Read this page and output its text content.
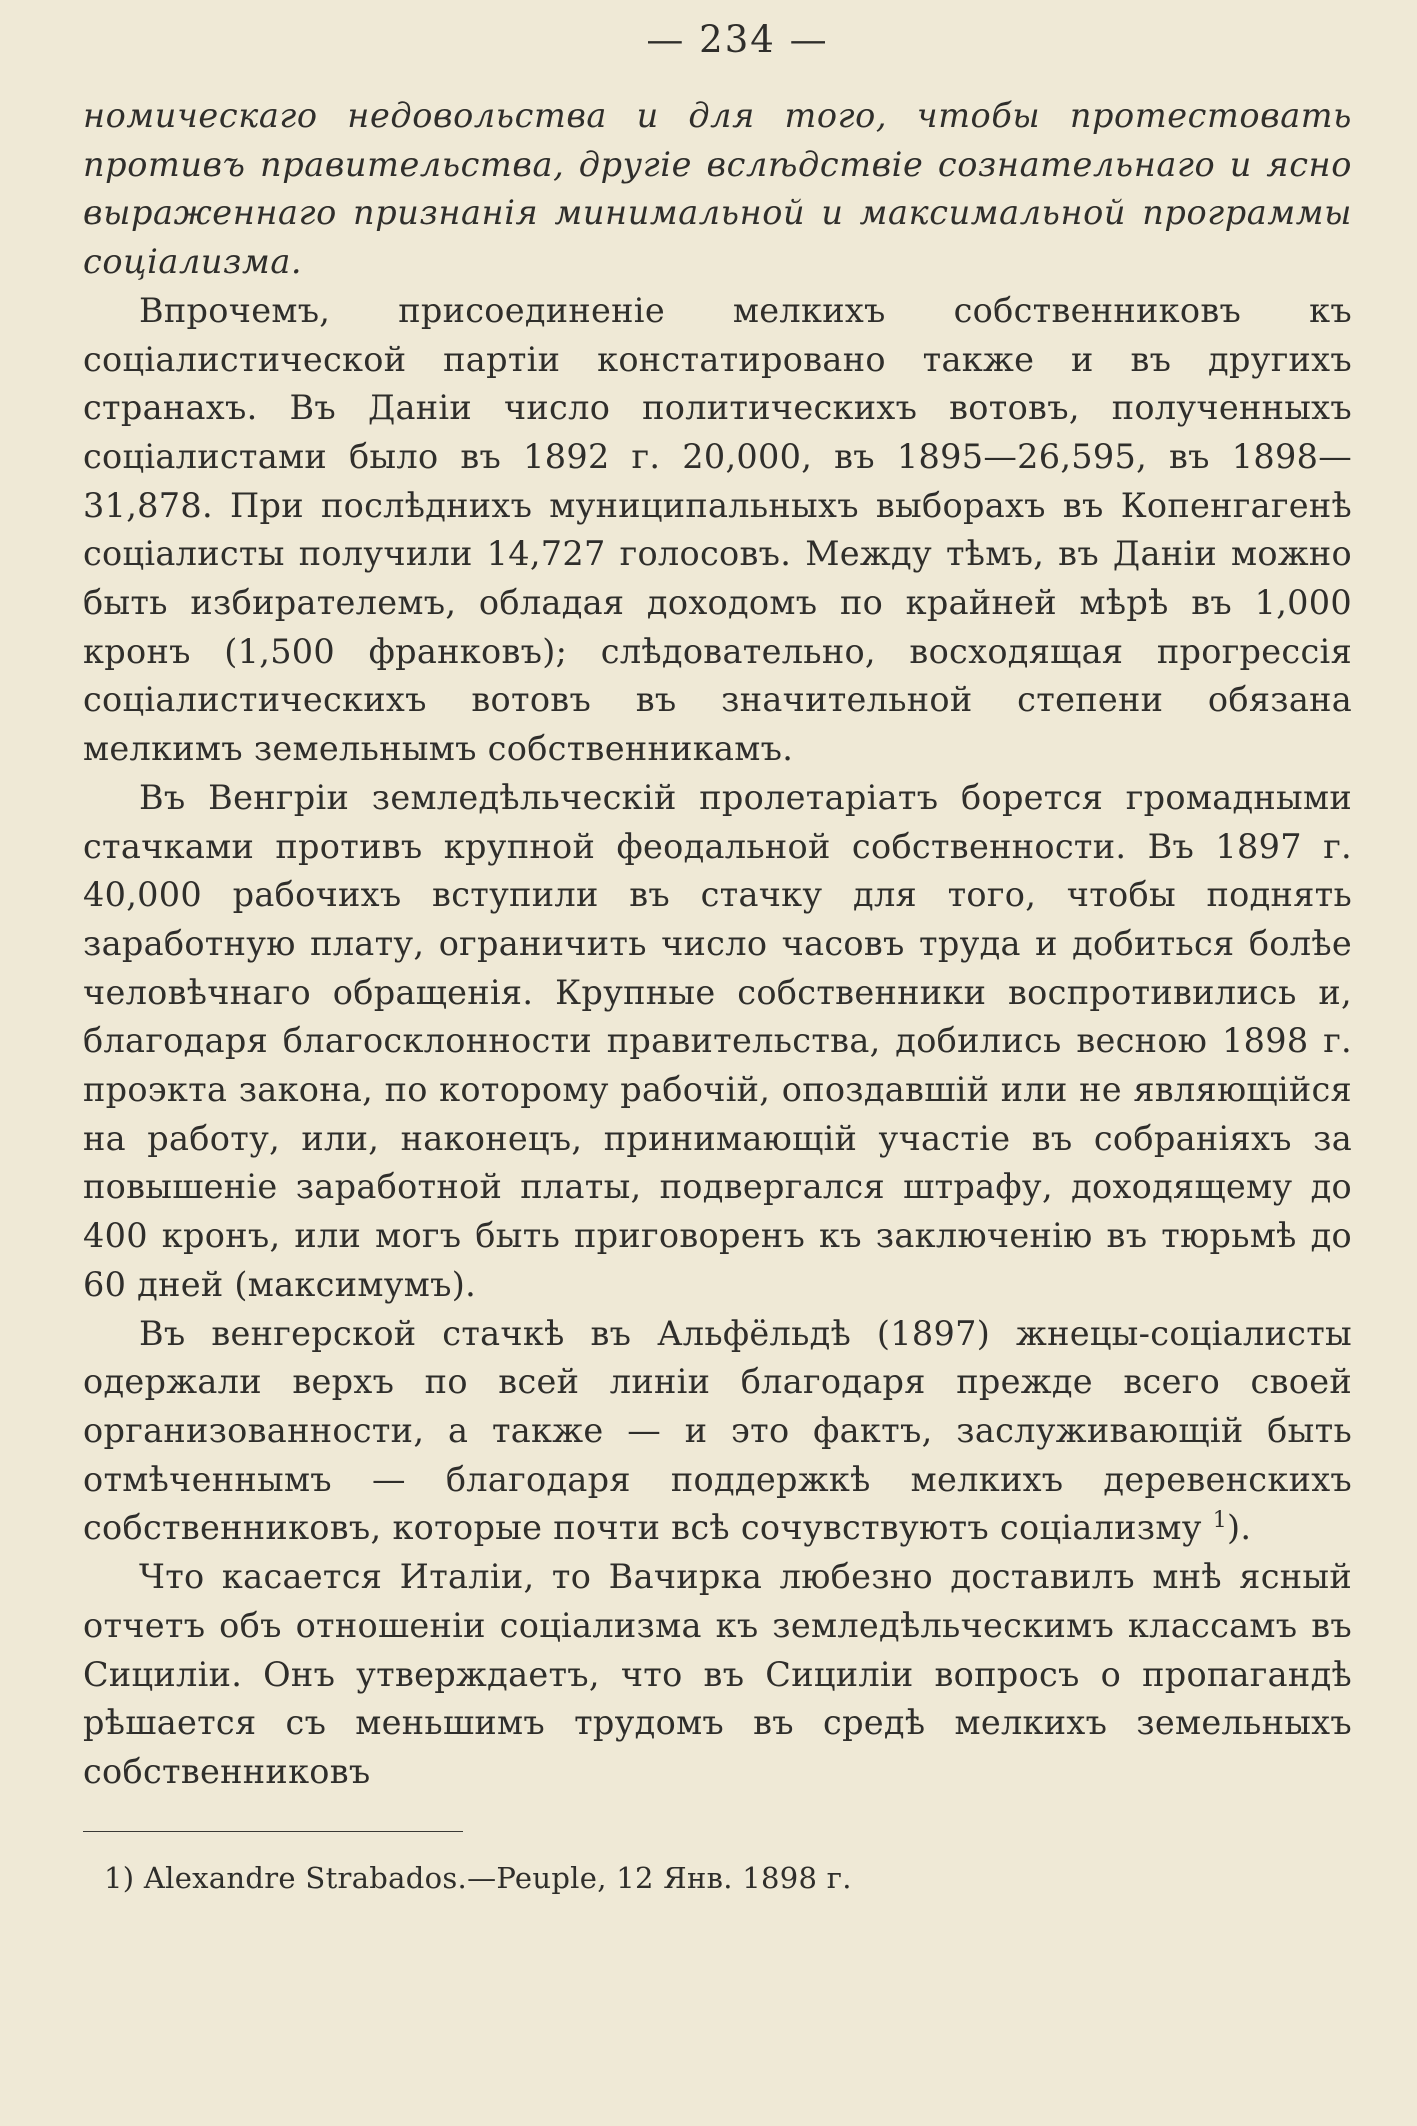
— 234 —

номическаго недовольства и для того, чтобы протестовать противъ правительства, другіе вслѣдствіе сознательнаго и ясно выраженнаго признанія минимальной и максимальной программы соціализма.

Впрочемъ, присоединеніе мелкихъ собственниковъ къ соціалистической партіи констатировано также и въ другихъ странахъ. Въ Даніи число политическихъ вотовъ, полученныхъ соціалистами было въ 1892 г. 20,000, въ 1895—26,595, въ 1898—31,878. При послѣднихъ муниципальныхъ выборахъ въ Копенгагенѣ соціалисты получили 14,727 голосовъ. Между тѣмъ, въ Даніи можно быть избирателемъ, обладая доходомъ по крайней мѣрѣ въ 1,000 кронъ (1,500 франковъ); слѣдовательно, восходящая прогрессія соціалистическихъ вотовъ въ значительной степени обязана мелкимъ земельнымъ собственникамъ.

Въ Венгріи земледѣльческій пролетаріатъ борется громадными стачками противъ крупной феодальной собственности. Въ 1897 г. 40,000 рабочихъ вступили въ стачку для того, чтобы поднять заработную плату, ограничить число часовъ труда и добиться болѣе человѣчнаго обращенія. Крупные собственники воспротивились и, благодаря благосклонности правительства, добились весною 1898 г. проэкта закона, по которому рабочій, опоздавшій или не являющійся на работу, или, наконецъ, принимающій участіе въ собраніяхъ за повышеніе заработной платы, подвергался штрафу, доходящему до 400 кронъ, или могъ быть приговоренъ къ заключенію въ тюрьмѣ до 60 дней (максимумъ).

Въ венгерской стачкѣ въ Альфёльдѣ (1897) жнецы-соціалисты одержали верхъ по всей линіи благодаря прежде всего своей организованности, а также — и это фактъ, заслуживающій быть отмѣченнымъ — благодаря поддержкѣ мелкихъ деревенскихъ собственниковъ, которые почти всѣ сочувствуютъ соціализму $^1$).

Что касается Италіи, то Вачирка любезно доставилъ мнѣ ясный отчетъ объ отношеніи соціализма къ земледѣльческимъ классамъ въ Сициліи. Онъ утверждаетъ, что въ Сициліи вопросъ о пропагандѣ рѣшается съ меньшимъ трудомъ въ средѣ мелкихъ земельныхъ собственниковъ

1) Alexandre Strabados.—Peuple, 12 Янв. 1898 г.
